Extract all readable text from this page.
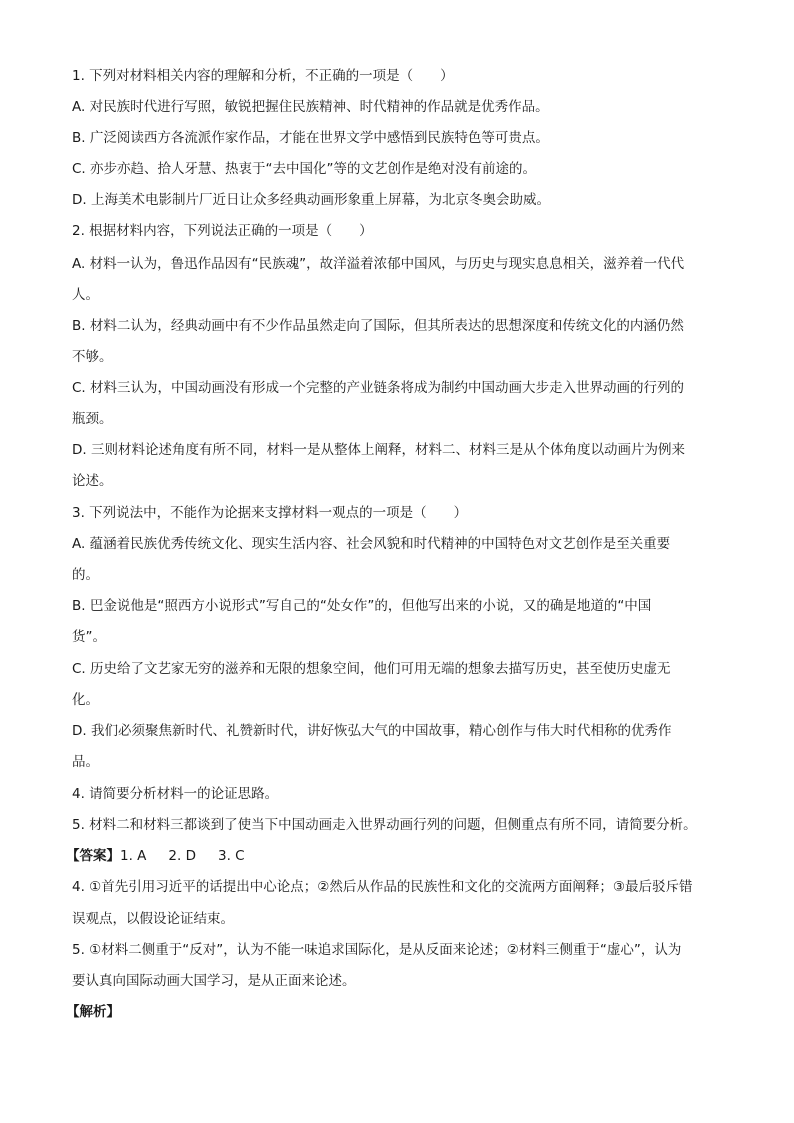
1. 下列对材料相关内容的理解和分析，不正确的一项是（　　）
A. 对民族时代进行写照，敏锐把握住民族精神、时代精神的作品就是优秀作品。
B. 广泛阅读西方各流派作家作品，才能在世界文学中感悟到民族特色等可贵点。
C. 亦步亦趋、拾人牙慧、热衷于“去中国化”等的文艺创作是绝对没有前途的。
D. 上海美术电影制片厂近日让众多经典动画形象重上屏幕，为北京冬奥会助威。
2. 根据材料内容，下列说法正确的一项是（　　）
A. 材料一认为，鲁迅作品因有“民族魂”，故洋溢着浓郁中国风，与历史与现实息息相关，滋养着一代代
人。
B. 材料二认为，经典动画中有不少作品虽然走向了国际，但其所表达的思想深度和传统文化的内涵仍然
不够。
C. 材料三认为，中国动画没有形成一个完整的产业链条将成为制约中国动画大步走入世界动画的行列的
瓶颈。
D. 三则材料论述角度有所不同，材料一是从整体上阐释，材料二、材料三是从个体角度以动画片为例来
论述。
3. 下列说法中，不能作为论据来支撑材料一观点的一项是（　　）
A. 蕴涵着民族优秀传统文化、现实生活内容、社会风貌和时代精神的中国特色对文艺创作是至关重要
的。
B. 巴金说他是“照西方小说形式”写自己的“处女作”的，但他写出来的小说，又的确是地道的“中国
货”。
C. 历史给了文艺家无穷的滋养和无限的想象空间，他们可用无端的想象去描写历史，甚至使历史虚无
化。
D. 我们必须聚焦新时代、礼赞新时代，讲好恢弘大气的中国故事，精心创作与伟大时代相称的优秀作
品。
4. 请简要分析材料一的论证思路。
5. 材料二和材料三都谈到了使当下中国动画走入世界动画行列的问题，但侧重点有所不同，请简要分析。
【答案】1. A 2. D 3. C
4. ①首先引用习近平的话提出中心论点；②然后从作品的民族性和文化的交流两方面阐释；③最后驳斥错
误观点，以假设论证结束。
5. ①材料二侧重于“反对”，认为不能一味追求国际化，是从反面来论述；②材料三侧重于“虚心”，认为
要认真向国际动画大国学习，是从正面来论述。
【解析】
